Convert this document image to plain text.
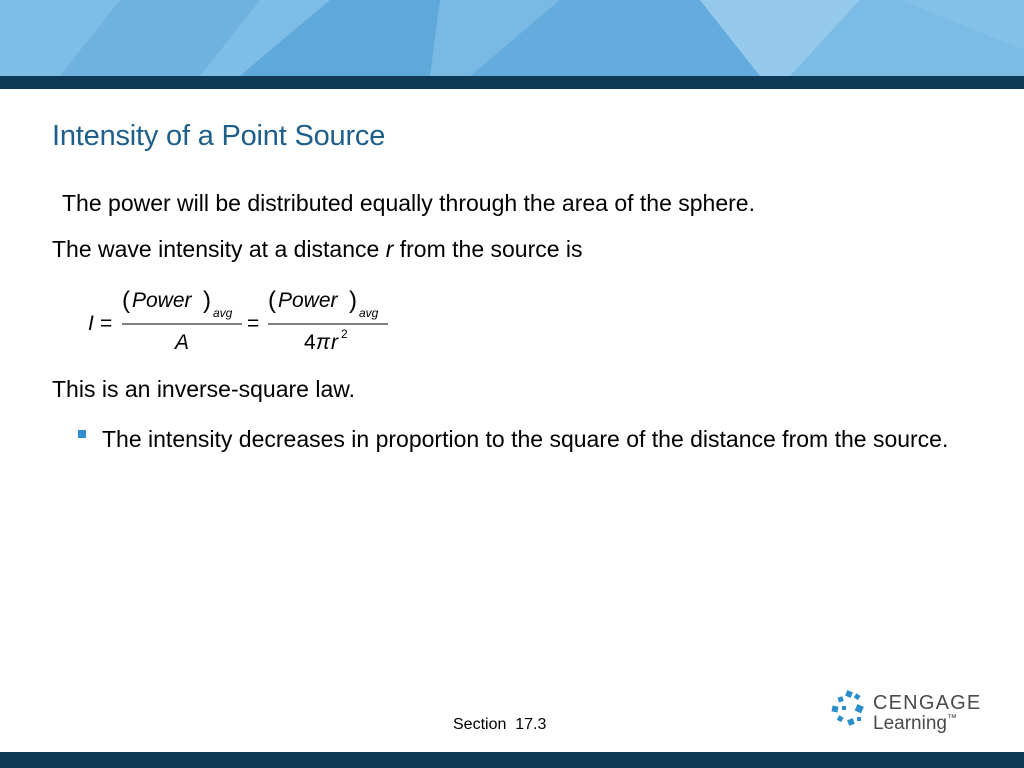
Intensity of a Point Source
The power will be distributed equally through the area of the sphere.
The wave intensity at a distance r from the source is
I =
( Power ) avg
A
=
( Power ) avg
4 π r 2
This is an inverse-square law.
The intensity decreases in proportion to the square of the distance from the source.
Section  17.3
CENGAGE
Learning™
